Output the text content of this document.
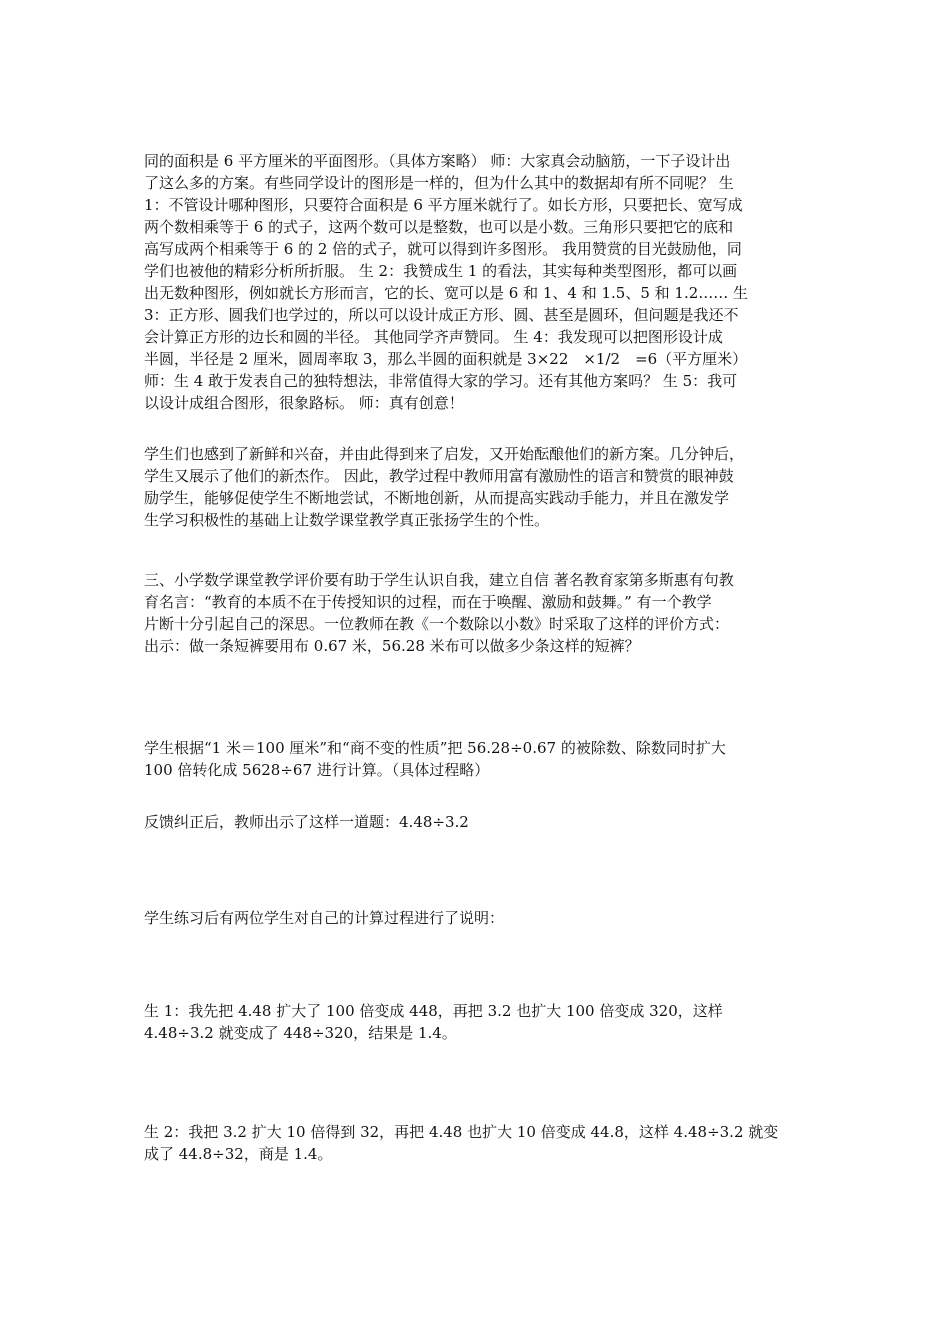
同的面积是 6 平方厘米的平面图形。（具体方案略） 师：大家真会动脑筋，一下子设计出
了这么多的方案。有些同学设计的图形是一样的，但为什么其中的数据却有所不同呢？ 生
1：不管设计哪种图形，只要符合面积是 6 平方厘米就行了。如长方形，只要把长、宽写成
两个数相乘等于 6 的式子，这两个数可以是整数，也可以是小数。三角形只要把它的底和
高写成两个相乘等于 6 的 2 倍的式子，就可以得到许多图形。 我用赞赏的目光鼓励他，同
学们也被他的精彩分析所折服。 生 2：我赞成生 1 的看法，其实每种类型图形，都可以画
出无数种图形，例如就长方形而言，它的长、宽可以是 6 和 1、4 和 1.5、5 和 1.2…… 生
3：正方形、圆我们也学过的，所以可以设计成正方形、圆、甚至是圆环，但问题是我还不
会计算正方形的边长和圆的半径。 其他同学齐声赞同。 生 4：我发现可以把图形设计成
半圆，半径是 2 厘米，圆周率取 3，那么半圆的面积就是 3×22　×1/2　=6（平方厘米）
师：生 4 敢于发表自己的独特想法，非常值得大家的学习。还有其他方案吗？ 生 5：我可
以设计成组合图形，很象路标。 师：真有创意！

学生们也感到了新鲜和兴奋，并由此得到来了启发，又开始酝酿他们的新方案。几分钟后，
学生又展示了他们的新杰作。 因此，教学过程中教师用富有激励性的语言和赞赏的眼神鼓
励学生，能够促使学生不断地尝试，不断地创新，从而提高实践动手能力，并且在激发学
生学习积极性的基础上让数学课堂教学真正张扬学生的个性。

三、小学数学课堂教学评价要有助于学生认识自我，建立自信 著名教育家第多斯惠有句教
育名言：“教育的本质不在于传授知识的过程，而在于唤醒、激励和鼓舞。” 有一个教学
片断十分引起自己的深思。一位教师在教《一个数除以小数》时采取了这样的评价方式：
出示：做一条短裤要用布 0.67 米，56.28 米布可以做多少条这样的短裤？

学生根据“1 米＝100 厘米”和“商不变的性质”把 56.28÷0.67 的被除数、除数同时扩大
100 倍转化成 5628÷67 进行计算。（具体过程略）

反馈纠正后，教师出示了这样一道题：4.48÷3.2

学生练习后有两位学生对自己的计算过程进行了说明：

生 1：我先把 4.48 扩大了 100 倍变成 448，再把 3.2 也扩大 100 倍变成 320，这样
4.48÷3.2 就变成了 448÷320，结果是 1.4。

生 2：我把 3.2 扩大 10 倍得到 32，再把 4.48 也扩大 10 倍变成 44.8，这样 4.48÷3.2 就变
成了 44.8÷32，商是 1.4。
